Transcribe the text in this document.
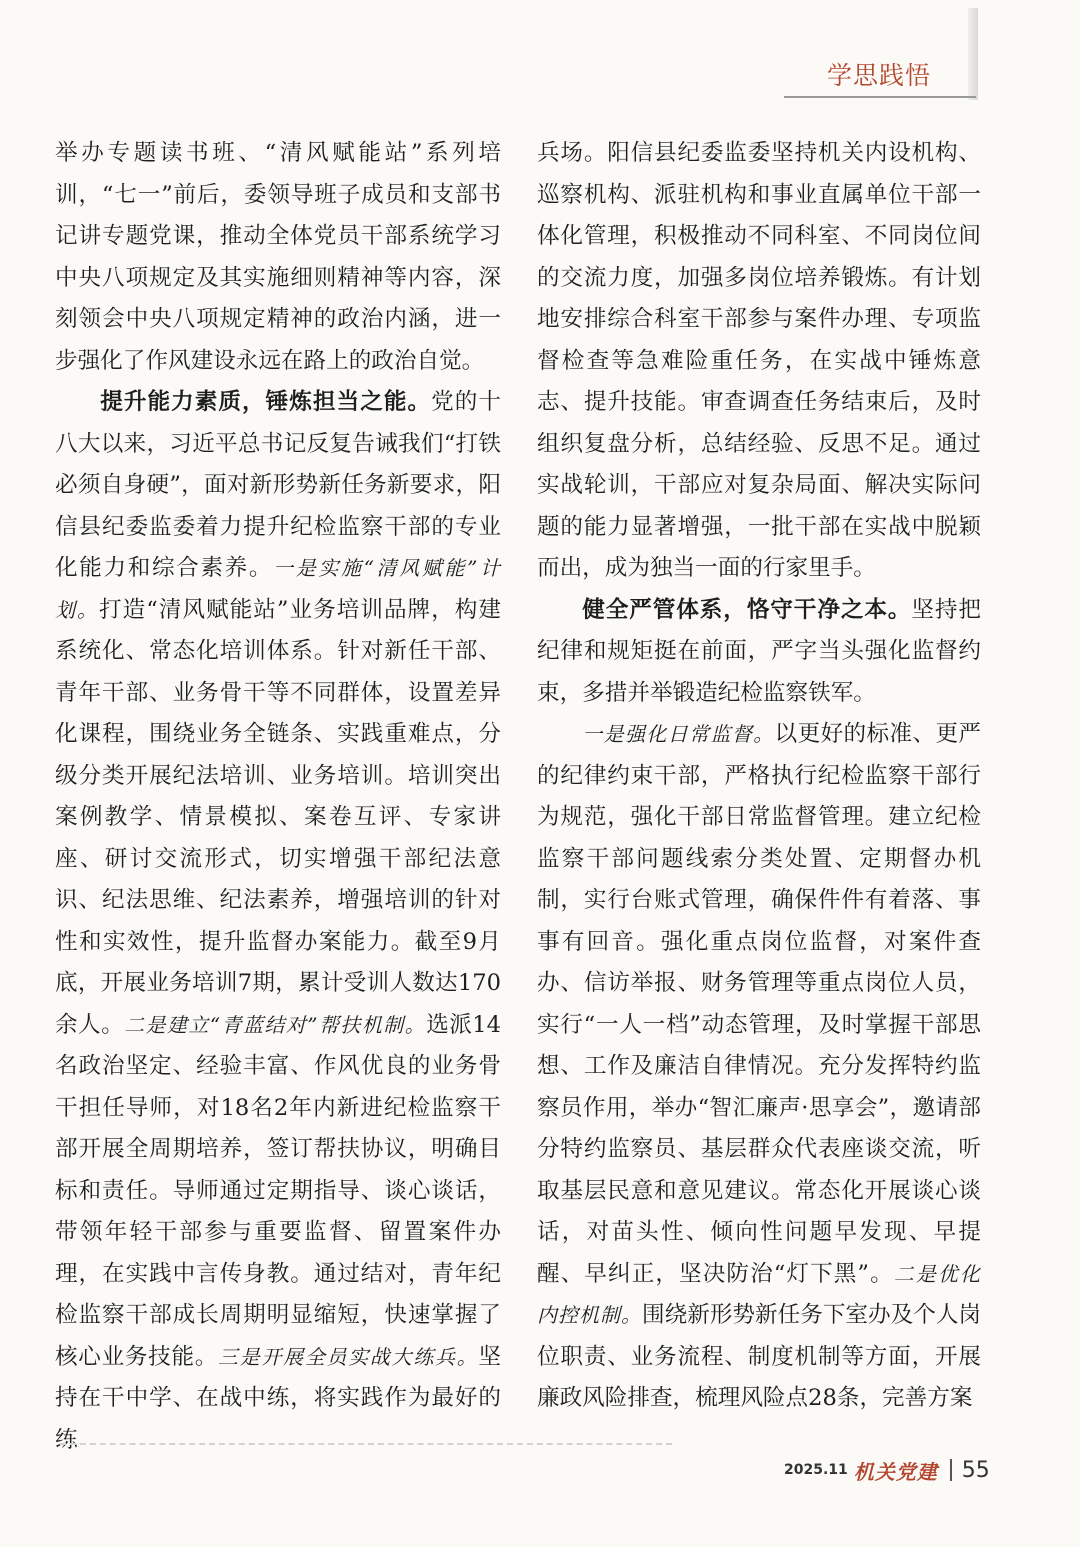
学思践悟

举办专题读书班、“清风赋能站”系列培训，“七一”前后，委领导班子成员和支部书记讲专题党课，推动全体党员干部系统学习中央八项规定及其实施细则精神等内容，深刻领会中央八项规定精神的政治内涵，进一步强化了作风建设永远在路上的政治自觉。

提升能力素质，锤炼担当之能。党的十八大以来，习近平总书记反复告诫我们“打铁必须自身硬”，面对新形势新任务新要求，阳信县纪委监委着力提升纪检监察干部的专业化能力和综合素养。一是实施“清风赋能”计划。打造“清风赋能站”业务培训品牌，构建系统化、常态化培训体系。针对新任干部、青年干部、业务骨干等不同群体，设置差异化课程，围绕业务全链条、实践重难点，分级分类开展纪法培训、业务培训。培训突出案例教学、情景模拟、案卷互评、专家讲座、研讨交流形式，切实增强干部纪法意识、纪法思维、纪法素养，增强培训的针对性和实效性，提升监督办案能力。截至9月底，开展业务培训7期，累计受训人数达170余人。二是建立“青蓝结对”帮扶机制。选派14名政治坚定、经验丰富、作风优良的业务骨干担任导师，对18名2年内新进纪检监察干部开展全周期培养，签订帮扶协议，明确目标和责任。导师通过定期指导、谈心谈话，带领年轻干部参与重要监督、留置案件办理，在实践中言传身教。通过结对，青年纪检监察干部成长周期明显缩短，快速掌握了核心业务技能。三是开展全员实战大练兵。坚持在干中学、在战中练，将实践作为最好的练

兵场。阳信县纪委监委坚持机关内设机构、巡察机构、派驻机构和事业直属单位干部一体化管理，积极推动不同科室、不同岗位间的交流力度，加强多岗位培养锻炼。有计划地安排综合科室干部参与案件办理、专项监督检查等急难险重任务，在实战中锤炼意志、提升技能。审查调查任务结束后，及时组织复盘分析，总结经验、反思不足。通过实战轮训，干部应对复杂局面、解决实际问题的能力显著增强，一批干部在实战中脱颖而出，成为独当一面的行家里手。

健全严管体系，恪守干净之本。坚持把纪律和规矩挺在前面，严字当头强化监督约束，多措并举锻造纪检监察铁军。

一是强化日常监督。以更好的标准、更严的纪律约束干部，严格执行纪检监察干部行为规范，强化干部日常监督管理。建立纪检监察干部问题线索分类处置、定期督办机制，实行台账式管理，确保件件有着落、事事有回音。强化重点岗位监督，对案件查办、信访举报、财务管理等重点岗位人员，实行“一人一档”动态管理，及时掌握干部思想、工作及廉洁自律情况。充分发挥特约监察员作用，举办“智汇廉声·思享会”，邀请部分特约监察员、基层群众代表座谈交流，听取基层民意和意见建议。常态化开展谈心谈话，对苗头性、倾向性问题早发现、早提醒、早纠正，坚决防治“灯下黑”。二是优化内控机制。围绕新形势新任务下室办及个人岗位职责、业务流程、制度机制等方面，开展廉政风险排查，梳理风险点28条，完善方案

2025.11 机关党建 55
